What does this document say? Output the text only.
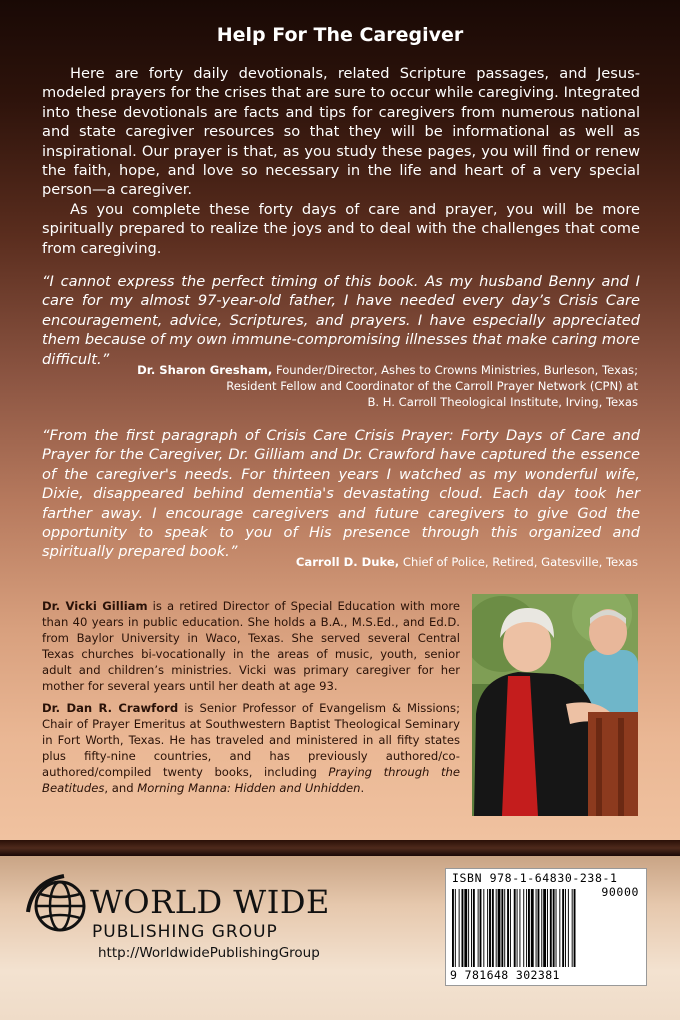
Help For The Caregiver

Here are forty daily devotionals, related Scripture passages, and Jesus-modeled prayers for the crises that are sure to occur while caregiving. Integrated into these devotionals are facts and tips for caregivers from numerous national and state caregiver resources so that they will be informational as well as inspirational. Our prayer is that, as you study these pages, you will find or renew the faith, hope, and love so necessary in the life and heart of a very special person—a caregiver.

As you complete these forty days of care and prayer, you will be more spiritually prepared to realize the joys and to deal with the challenges that come from caregiving.

“I cannot express the perfect timing of this book. As my husband Benny and I care for my almost 97-year-old father, I have needed every day’s Crisis Care encouragement, advice, Scriptures, and prayers. I have especially appreciated them because of my own immune-compromising illnesses that make caring more difficult.”
Dr. Sharon Gresham, Founder/Director, Ashes to Crowns Ministries, Burleson, Texas;
Resident Fellow and Coordinator of the Carroll Prayer Network (CPN) at
B. H. Carroll Theological Institute, Irving, Texas
“From the first paragraph of Crisis Care Crisis Prayer: Forty Days of Care and Prayer for the Caregiver, Dr. Gilliam and Dr. Crawford have captured the essence of the caregiver's needs. For thirteen years I watched as my wonderful wife, Dixie, disappeared behind dementia's devastating cloud. Each day took her farther away. I encourage caregivers and future caregivers to give God the opportunity to speak to you of His presence through this organized and spiritually prepared book.”
Carroll D. Duke, Chief of Police, Retired, Gatesville, Texas
Dr. Vicki Gilliam is a retired Director of Special Education with more than 40 years in public education. She holds a B.A., M.S.Ed., and Ed.D. from Baylor University in Waco, Texas. She served several Central Texas churches bi-vocationally in the areas of music, youth, senior adult and children’s ministries. Vicki was primary caregiver for her mother for several years until her death at age 93.
Dr. Dan R. Crawford is Senior Professor of Evangelism & Missions; Chair of Prayer Emeritus at Southwestern Baptist Theological Seminary in Fort Worth, Texas. He has traveled and ministered in all fifty states plus fifty-nine countries, and has previously authored/co-authored/compiled twenty books, including Praying through the Beatitudes, and Morning Manna: Hidden and Unhidden.
WORLD WIDE
PUBLISHING GROUP
http://WorldwidePublishingGroup
ISBN 978-1-64830-238-1
90000
9 781648 302381
